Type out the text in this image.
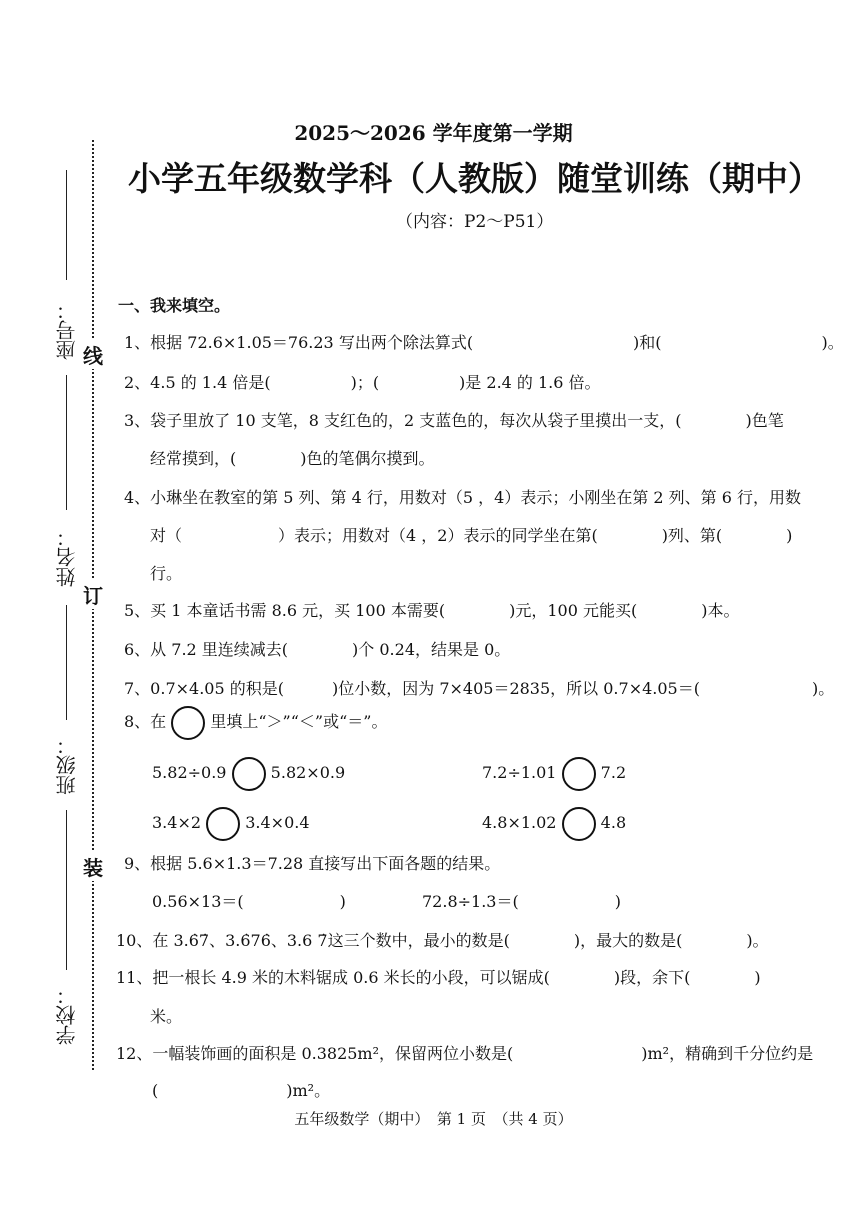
座号：
姓名：
班级：
学校：
线
订
装
2025～2026 学年度第一学期
小学五年级数学科（人教版）随堂训练（期中）
（内容：P2～P51）
一、我来填空。
1、根据 72.6×1.05＝76.23 写出两个除法算式(　　　　　　　　　　)和(　　　　　　　　　　)。
2、4.5 的 1.4 倍是(　　　　　)；(　　　　　)是 2.4 的 1.6 倍。
3、袋子里放了 10 支笔，8 支红色的，2 支蓝色的，每次从袋子里摸出一支，(　　　　)色笔
经常摸到，(　　　　)色的笔偶尔摸到。
4、小琳坐在教室的第 5 列、第 4 行，用数对（5 ，4）表示；小刚坐在第 2 列、第 6 行，用数
对（　　　　　　）表示；用数对（4 ，2）表示的同学坐在第(　　　　)列、第(　　　　)
行。
5、买 1 本童话书需 8.6 元，买 100 本需要(　　　　)元，100 元能买(　　　　)本。
6、从 7.2 里连续减去(　　　　)个 0.24，结果是 0。
7、0.7×4.05 的积是(　　　)位小数，因为 7×405＝2835，所以 0.7×4.05＝(　　　　　　　)。
8、在	里填上“＞”“＜”或“＝”。
5.82÷0.9	5.82×0.9	7.2÷1.01	7.2
3.4×2	3.4×0.4	4.8×1.02	4.8
9、根据 5.6×1.3＝7.28 直接写出下面各题的结果。
0.56×13＝(　　　　　　)	72.8÷1.3＝(　　　　　　)
10、在 3.6̇7̇、3.6̇76̇、3.6 7̇这三个数中，最小的数是(　　　　)，最大的数是(　　　　)。
11、把一根长 4.9 米的木料锯成 0.6 米长的小段，可以锯成(　　　　)段，余下(　　　　)
米。
12、一幅装饰画的面积是 0.3825m²，保留两位小数是(　　　　　　　　)m²，精确到千分位约是
(　　　　　　　　)m²。
五年级数学（期中）　第 1 页　（共 4 页）
